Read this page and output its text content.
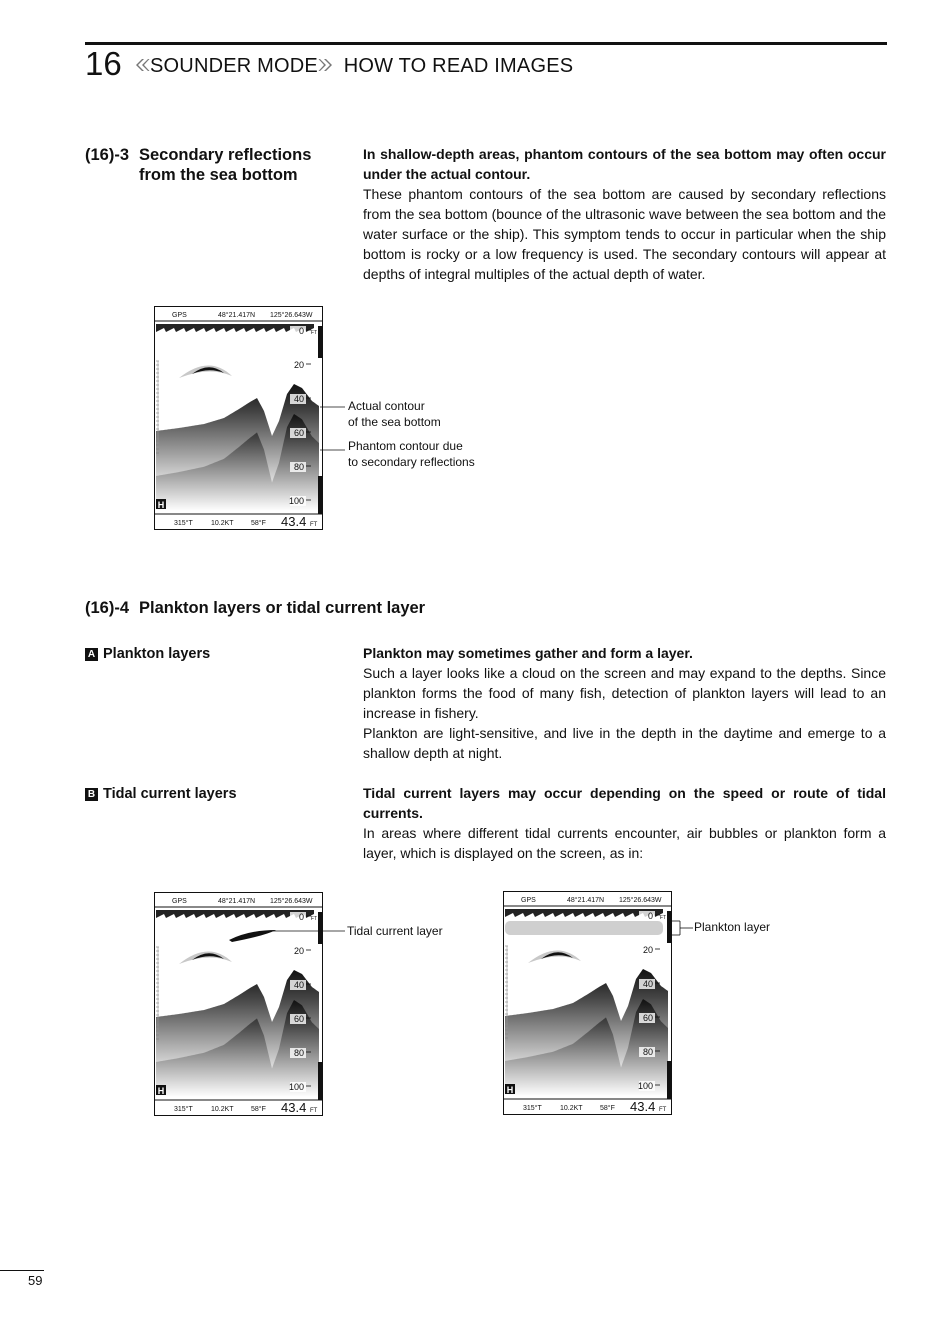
16	SOUNDER MODE HOW TO READ IMAGES
(16)-3 Secondary reflections
from the sea bottom
In shallow-depth areas, phantom contours of the sea bottom may often occur under the actual contour.

These phantom contours of the sea bottom are caused by secondary reflections from the sea bottom (bounce of the ultrasonic wave between the sea bottom and the water surface or the ship). This symptom tends to occur in particular when the ship bottom is rocky or a low frequency is used. The secondary contours will appear at depths of integral multiples of the actual depth of water.

GPS	48°21.417N 125°26.643W
0
20
40
60
80
100
FT
H
315°T	10.2KT 58°F 43.4 FT
Actual contour
of the sea bottom
Phantom contour due
to secondary reflections
(16)-4 Plankton layers or tidal current layer
A Plankton layers	Plankton may sometimes gather and form a layer.

Such a layer looks like a cloud on the screen and may expand to the depths. Since plankton forms the food of many fish, detection of plankton layers will lead to an increase in fishery.

Plankton are light-sensitive, and live in the depth in the daytime and emerge to a shallow depth at night.

B Tidal current layers	Tidal current layers may occur depending on the speed or route of tidal currents.

In areas where different tidal currents encounter, air bubbles or plankton form a layer, which is displayed on the screen, as in:

GPS	48°21.417N 125°26.643W
0
20
40
60
80
100
FT
H
315°T	10.2KT 58°F 43.4 FT
Tidal current layer
GPS	48°21.417N 125°26.643W
0
20
40
60
80
100
FT
H
315°T	10.2KT 58°F 43.4 FT
Plankton layer
59
